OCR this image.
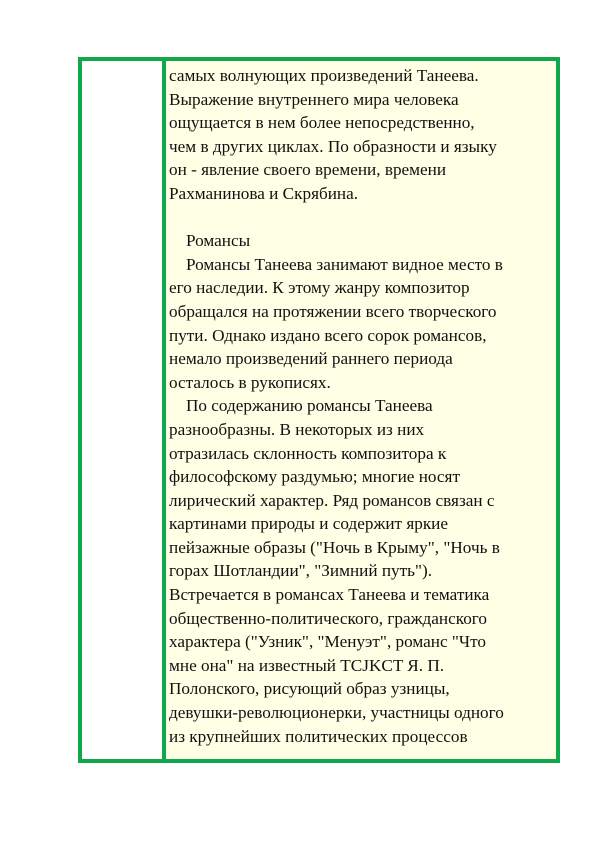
самых волнующих произведений Танеева.
Выражение внутреннего мира человека
ощущается в нем более непосредственно,
чем в других циклах. По образности и языку
он - явление своего времени, времени
Рахманинова и Скрябина.
Романсы
Романсы Танеева занимают видное место в
его наследии. К этому жанру композитор
обращался на протяжении всего творческого
пути. Однако издано всего сорок романсов,
немало произведений раннего периода
осталось в рукописях.
По содержанию романсы Танеева
разнообразны. В некоторых из них
отразилась склонность композитора к
философскому раздумью; многие носят
лирический характер. Ряд романсов связан с
картинами природы и содержит яркие
пейзажные образы ("Ночь в Крыму", "Ночь в
горах Шотландии", "Зимний путь").
Встречается в романсах Танеева и тематика
общественно-политического, гражданского
характера ("Узник", "Менуэт", романс "Что
мне она" на известный TCJKCT Я. П.
Полонского, рисующий образ узницы,
девушки-революционерки, участницы одного
из крупнейших политических процессов
